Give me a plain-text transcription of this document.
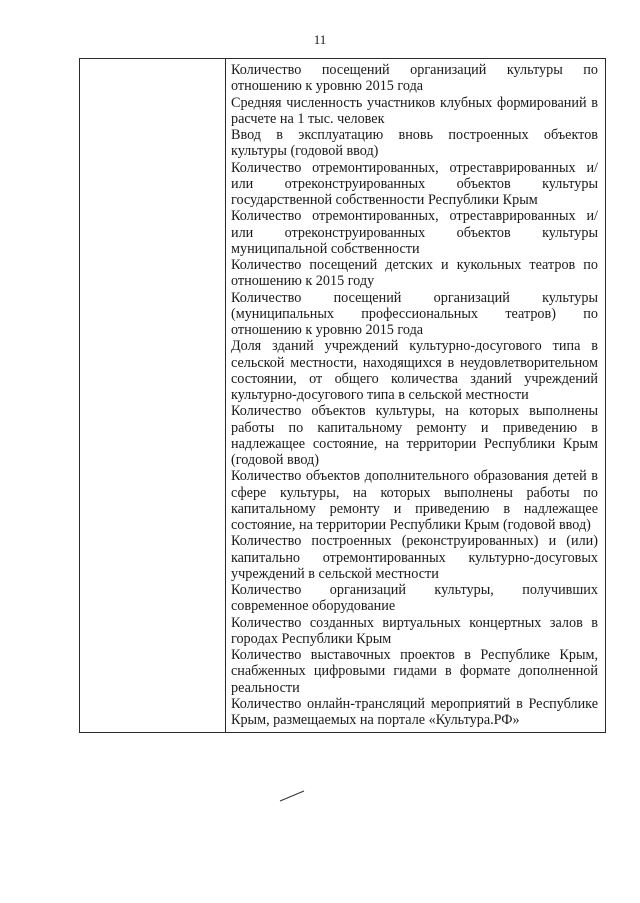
11

Количество посещений организаций культуры по отношению к уровню 2015 года
Средняя численность участников клубных формирований в расчете на 1 тыс. человек
Ввод в эксплуатацию вновь построенных объектов культуры (годовой ввод)
Количество отремонтированных, отреставрированных и/или отреконструированных объектов культуры государственной собственности Республики Крым
Количество отремонтированных, отреставрированных и/или отреконструированных объектов культуры муниципальной собственности
Количество посещений детских и кукольных театров по отношению к 2015 году
Количество посещений организаций культуры (муниципальных профессиональных театров) по отношению к уровню 2015 года
Доля зданий учреждений культурно-досугового типа в сельской местности, находящихся в неудовлетворительном состоянии, от общего количества зданий учреждений культурно-досугового типа в сельской местности
Количество объектов культуры, на которых выполнены работы по капитальному ремонту и приведению в надлежащее состояние, на территории Республики Крым (годовой ввод)
Количество объектов дополнительного образования детей в сфере культуры, на которых выполнены работы по капитальному ремонту и приведению в надлежащее состояние, на территории Республики Крым (годовой ввод)
Количество построенных (реконструированных) и (или) капитально отремонтированных культурно-досуговых учреждений в сельской местности
Количество организаций культуры, получивших современное оборудование
Количество созданных виртуальных концертных залов в городах Республики Крым
Количество выставочных проектов в Республике Крым, снабженных цифровыми гидами в формате дополненной реальности
Количество онлайн-трансляций мероприятий в Республике Крым, размещаемых на портале «Культура.РФ»
